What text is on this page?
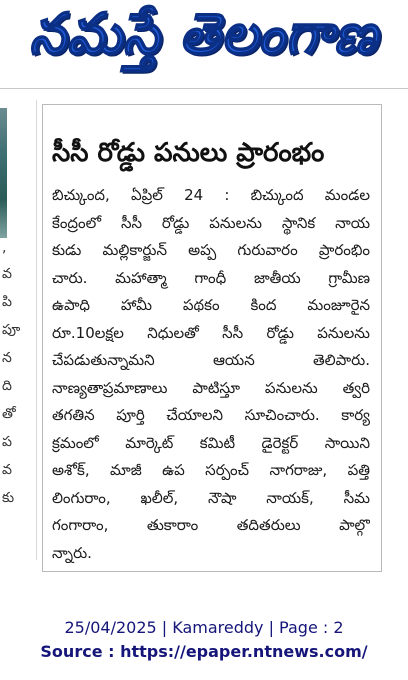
నమస్తే తెలంగాణ
,
వ
పి
పూ
న
ది
తో
ప
వ
కు
సీసీ రోడ్డు పనులు ప్రారంభం
బిచ్కుంద, ఏప్రిల్ 24 : బిచ్కుంద మండల
కేంద్రంలో సీసీ రోడ్డు పనులను స్థానిక నాయ
కుడు మల్లికార్జున్ అప్ప గురువారం ప్రారంభిం
చారు. మహాత్మా గాంధీ జాతీయ గ్రామీణ
ఉపాధి హామీ పథకం కింద మంజూరైన
రూ.10లక్షల నిధులతో సీసీ రోడ్డు పనులను
చేపడుతున్నామని ఆయన తెలిపారు.
నాణ్యతాప్రమాణాలు పాటిస్తూ పనులను త్వరి
తగతిన పూర్తి చేయాలని సూచించారు. కార్య
క్రమంలో మార్కెట్ కమిటీ డైరెక్టర్ సాయిని
అశోక్, మాజీ ఉప సర్పంచ్ నాగరాజు, పత్తి
లింగురాం, ఖలీల్, నౌషా నాయక్, సీమ
గంగారాం, తుకారాం తదితరులు పాల్గొ
న్నారు.
25/04/2025 | Kamareddy | Page : 2
Source : https://epaper.ntnews.com/
